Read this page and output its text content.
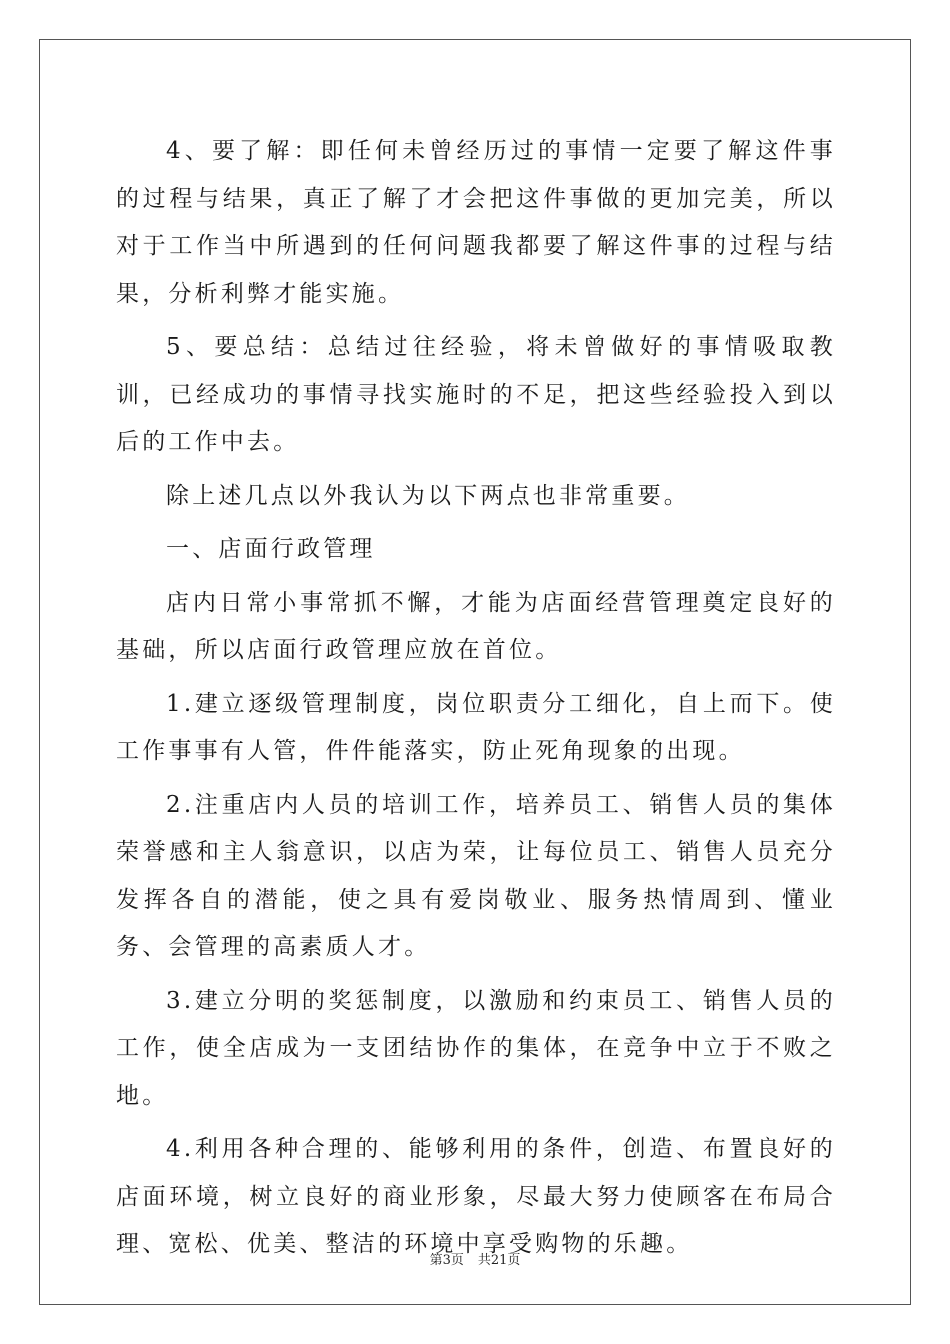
4、要了解：即任何未曾经历过的事情一定要了解这件事的过程与结果，真正了解了才会把这件事做的更加完美，所以对于工作当中所遇到的任何问题我都要了解这件事的过程与结果，分析利弊才能实施。

5、要总结：总结过往经验，将未曾做好的事情吸取教训，已经成功的事情寻找实施时的不足，把这些经验投入到以后的工作中去。

除上述几点以外我认为以下两点也非常重要。

一、店面行政管理

店内日常小事常抓不懈，才能为店面经营管理奠定良好的基础，所以店面行政管理应放在首位。

1.建立逐级管理制度，岗位职责分工细化，自上而下。使工作事事有人管，件件能落实，防止死角现象的出现。

2.注重店内人员的培训工作，培养员工、销售人员的集体荣誉感和主人翁意识，以店为荣，让每位员工、销售人员充分发挥各自的潜能，使之具有爱岗敬业、服务热情周到、懂业务、会管理的高素质人才。

3.建立分明的奖惩制度，以激励和约束员工、销售人员的工作，使全店成为一支团结协作的集体，在竞争中立于不败之地。

4.利用各种合理的、能够利用的条件，创造、布置良好的店面环境，树立良好的商业形象，尽最大努力使顾客在布局合理、宽松、优美、整洁的环境中享受购物的乐趣。

第3页 共21页
